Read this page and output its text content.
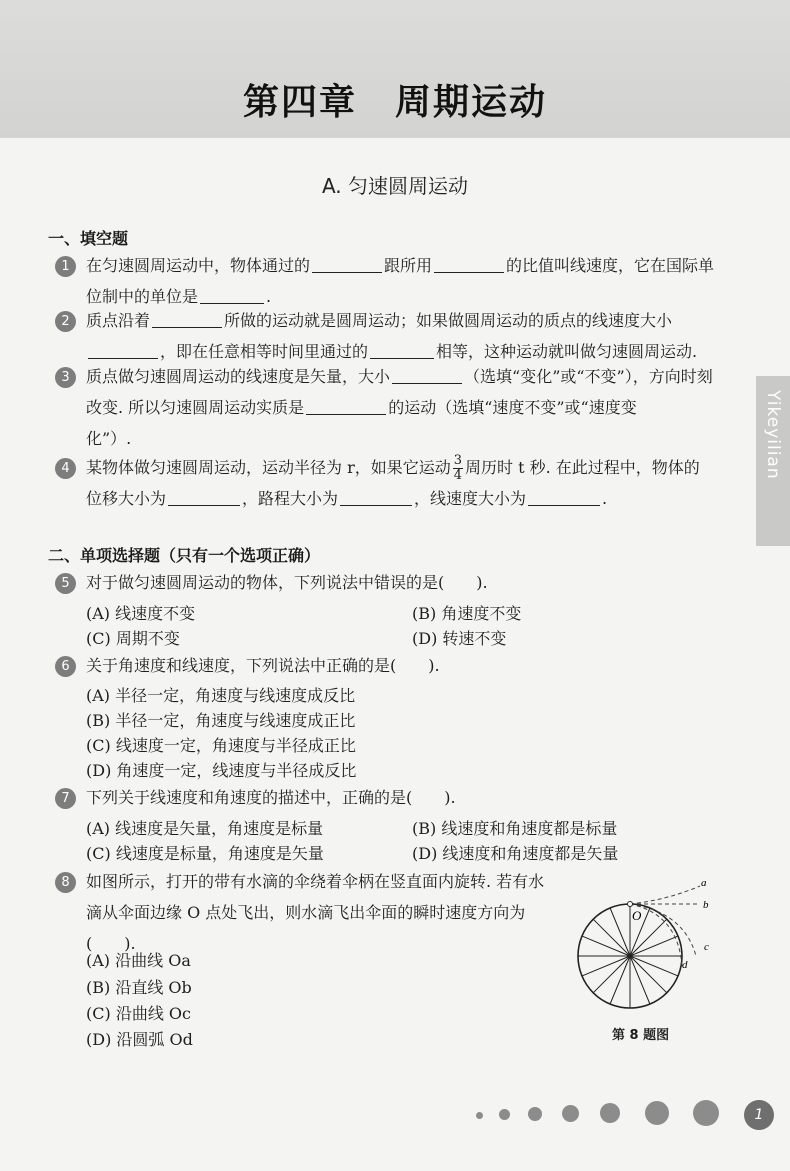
第四章　周期运动
A. 匀速圆周运动
Yikeyilian
一、填空题
1 在匀速圆周运动中，物体通过的	跟所用	的比值叫线速度，它在国际单
位制中的单位是	.
2 质点沿着	所做的运动就是圆周运动；如果做圆周运动的质点的线速度大小
，即在任意相等时间里通过的	相等，这种运动就叫做匀速圆周运动.
3 质点做匀速圆周运动的线速度是矢量，大小	（选填“变化”或“不变”），方向时刻
改变. 所以匀速圆周运动实质是	的运动（选填“速度不变”或“速度变
化”）.
4 某物体做匀速圆周运动，运动半径为 r，如果它运动 $\frac{3}{4}$ 周历时 t 秒. 在此过程中，物体的
位移大小为	，路程大小为	，线速度大小为	.
二、单项选择题（只有一个选项正确）
5 对于做匀速圆周运动的物体，下列说法中错误的是(　　).
(A) 线速度不变	(B) 角速度不变
(C) 周期不变	(D) 转速不变
6 关于角速度和线速度，下列说法中正确的是(　　).
(A) 半径一定，角速度与线速度成反比
(B) 半径一定，角速度与线速度成正比
(C) 线速度一定，角速度与半径成正比
(D) 角速度一定，线速度与半径成反比
7 下列关于线速度和角速度的描述中，正确的是(　　).
(A) 线速度是矢量，角速度是标量	(B) 线速度和角速度都是标量
(C) 线速度是标量，角速度是矢量	(D) 线速度和角速度都是矢量
8 如图所示，打开的带有水滴的伞绕着伞柄在竖直面内旋转. 若有水
滴从伞面边缘 O 点处飞出，则水滴飞出伞面的瞬时速度方向为
(　　).
(A) 沿曲线 Oa
(B) 沿直线 Ob
(C) 沿曲线 Oc
(D) 沿圆弧 Od
O
a
b
c
d
第 8 题图
1
